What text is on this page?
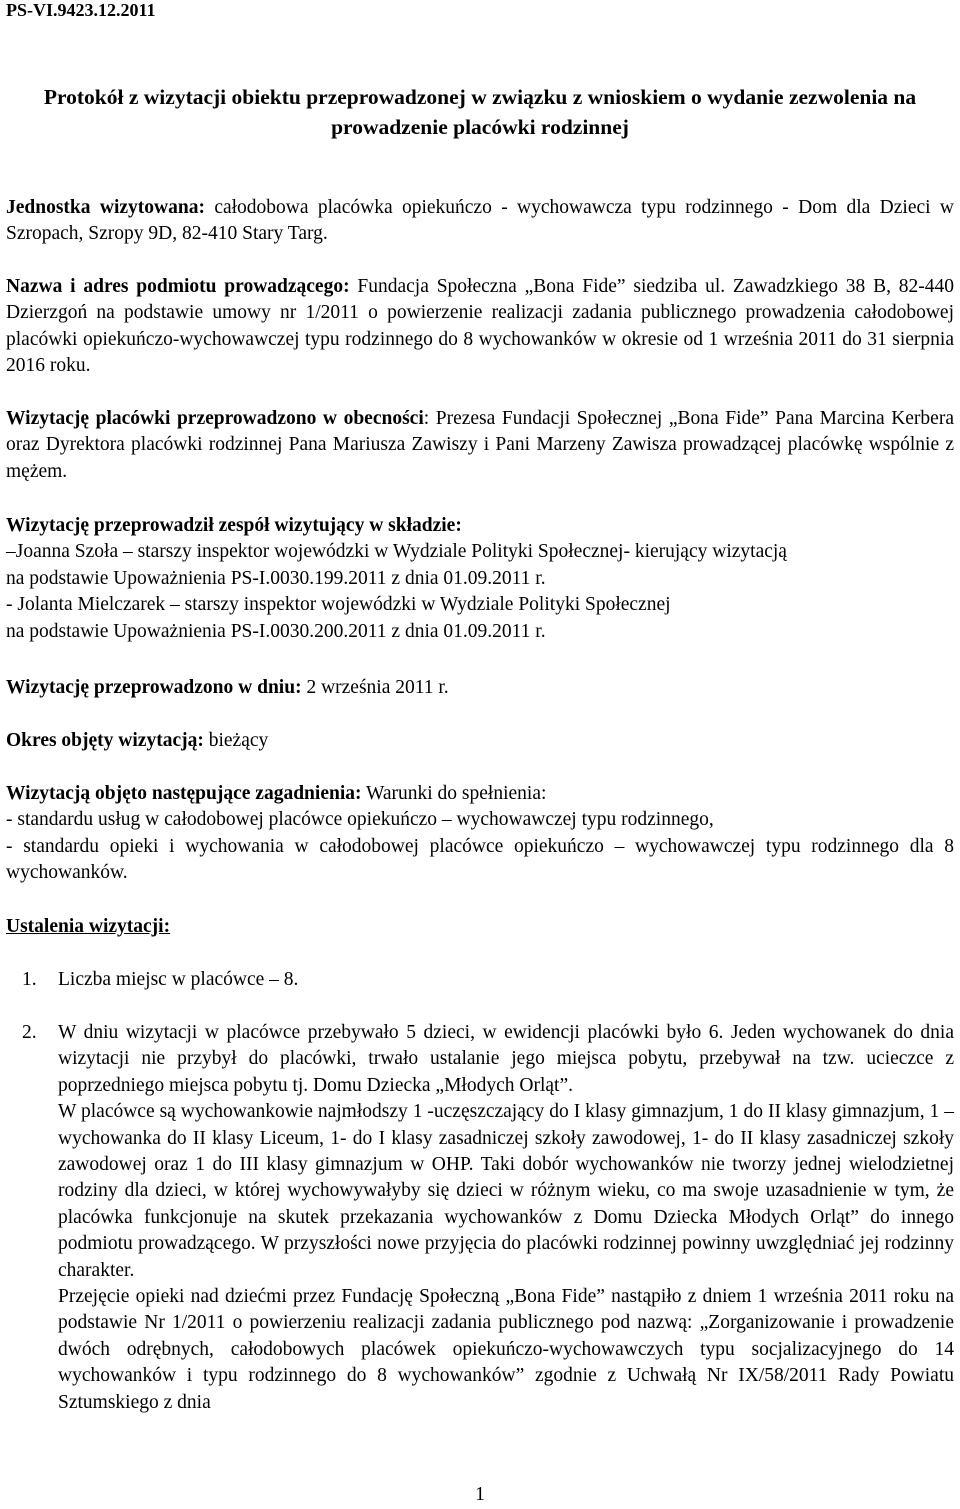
PS-VI.9423.12.2011

Protokół z wizytacji obiektu przeprowadzonej w związku z wnioskiem o wydanie zezwolenia na prowadzenie placówki rodzinnej

Jednostka wizytowana: całodobowa placówka opiekuńczo - wychowawcza typu rodzinnego - Dom dla Dzieci w Szropach, Szropy 9D, 82-410 Stary Targ.

Nazwa i adres podmiotu prowadzącego: Fundacja Społeczna „Bona Fide” siedziba ul. Zawadzkiego 38 B, 82-440 Dzierzgoń na podstawie umowy nr 1/2011 o powierzenie realizacji zadania publicznego prowadzenia całodobowej placówki opiekuńczo-wychowawczej typu rodzinnego do 8 wychowanków w okresie od 1 września 2011 do 31 sierpnia 2016 roku.

Wizytację placówki przeprowadzono w obecności: Prezesa Fundacji Społecznej „Bona Fide” Pana Marcina Kerbera oraz Dyrektora placówki rodzinnej Pana Mariusza Zawiszy i Pani Marzeny Zawisza prowadzącej placówkę wspólnie z mężem.

Wizytację przeprowadził zespół wizytujący w składzie:
–Joanna Szoła – starszy inspektor wojewódzki w Wydziale Polityki Społecznej- kierujący wizytacją
na podstawie Upoważnienia PS-I.0030.199.2011 z dnia 01.09.2011 r.
- Jolanta Mielczarek – starszy inspektor wojewódzki w Wydziale Polityki Społecznej
na podstawie Upoważnienia PS-I.0030.200.2011 z dnia 01.09.2011 r.

Wizytację przeprowadzono w dniu: 2 września 2011 r.

Okres objęty wizytacją: bieżący

Wizytacją objęto następujące zagadnienia: Warunki do spełnienia:
- standardu usług w całodobowej placówce opiekuńczo – wychowawczej typu rodzinnego,
- standardu opieki i wychowania w całodobowej placówce opiekuńczo – wychowawczej typu rodzinnego dla 8 wychowanków.

Ustalenia wizytacji:

1. Liczba miejsc w placówce – 8.
2. W dniu wizytacji w placówce przebywało 5 dzieci, w ewidencji placówki było 6. Jeden wychowanek do dnia wizytacji nie przybył do placówki, trwało ustalanie jego miejsca pobytu, przebywał na tzw. ucieczce z poprzedniego miejsca pobytu tj. Domu Dziecka „Młodych Orląt”.
W placówce są wychowankowie najmłodszy 1 -uczęszczający do I klasy gimnazjum, 1 do II klasy gimnazjum, 1 – wychowanka do II klasy Liceum, 1- do I klasy zasadniczej szkoły zawodowej, 1- do II klasy zasadniczej szkoły zawodowej oraz 1 do III klasy gimnazjum w OHP. Taki dobór wychowanków nie tworzy jednej wielodzietnej rodziny dla dzieci, w której wychowywałyby się dzieci w różnym wieku, co ma swoje uzasadnienie w tym, że placówka funkcjonuje na skutek przekazania wychowanków z Domu Dziecka Młodych Orląt” do innego podmiotu prowadzącego. W przyszłości nowe przyjęcia do placówki rodzinnej powinny uwzględniać jej rodzinny charakter.
Przejęcie opieki nad dziećmi przez Fundację Społeczną „Bona Fide” nastąpiło z dniem 1 września 2011 roku na podstawie Nr 1/2011 o powierzeniu realizacji zadania publicznego pod nazwą: „Zorganizowanie i prowadzenie dwóch odrębnych, całodobowych placówek opiekuńczo-wychowawczych typu socjalizacyjnego do 14 wychowanków i typu rodzinnego do 8 wychowanków” zgodnie z Uchwałą Nr IX/58/2011 Rady Powiatu Sztumskiego z dnia
1
